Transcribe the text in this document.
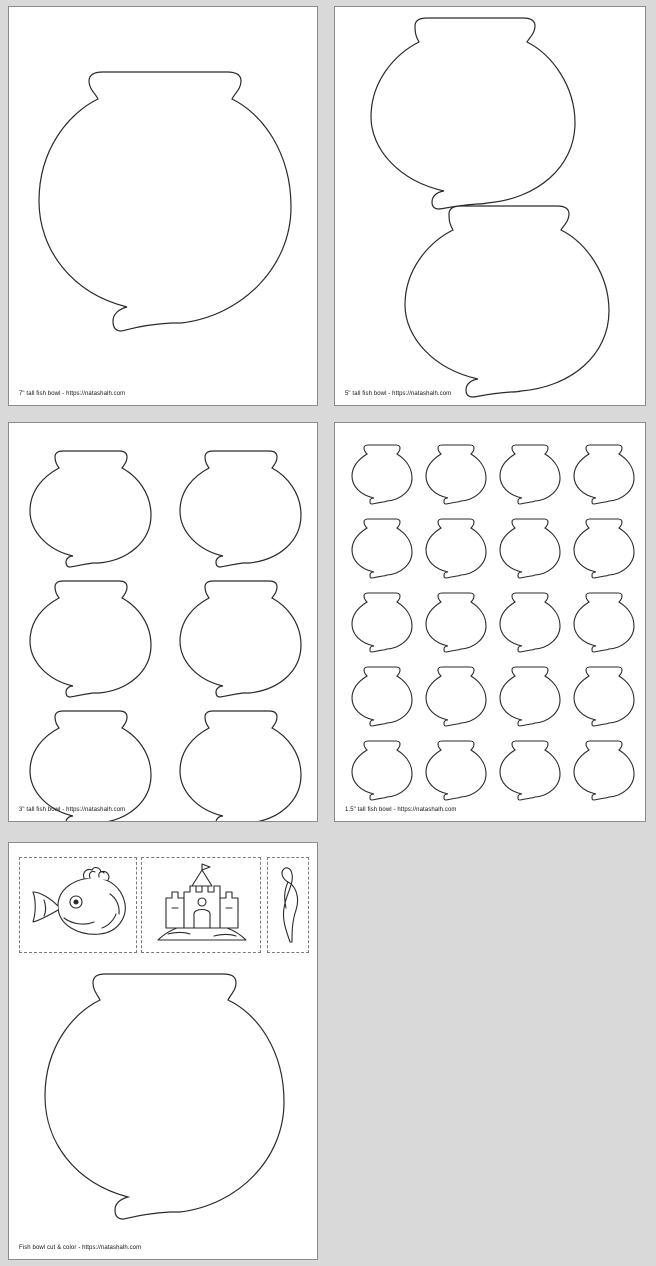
7" tall fish bowl - https://natashalh.com	5" tall fish bowl - https://natashalh.com
3" tall fish bowl - https://natashalh.com	1.5" tall fish bowl - https://natashalh.com
Fish bowl cut & color - https://natashalh.com
